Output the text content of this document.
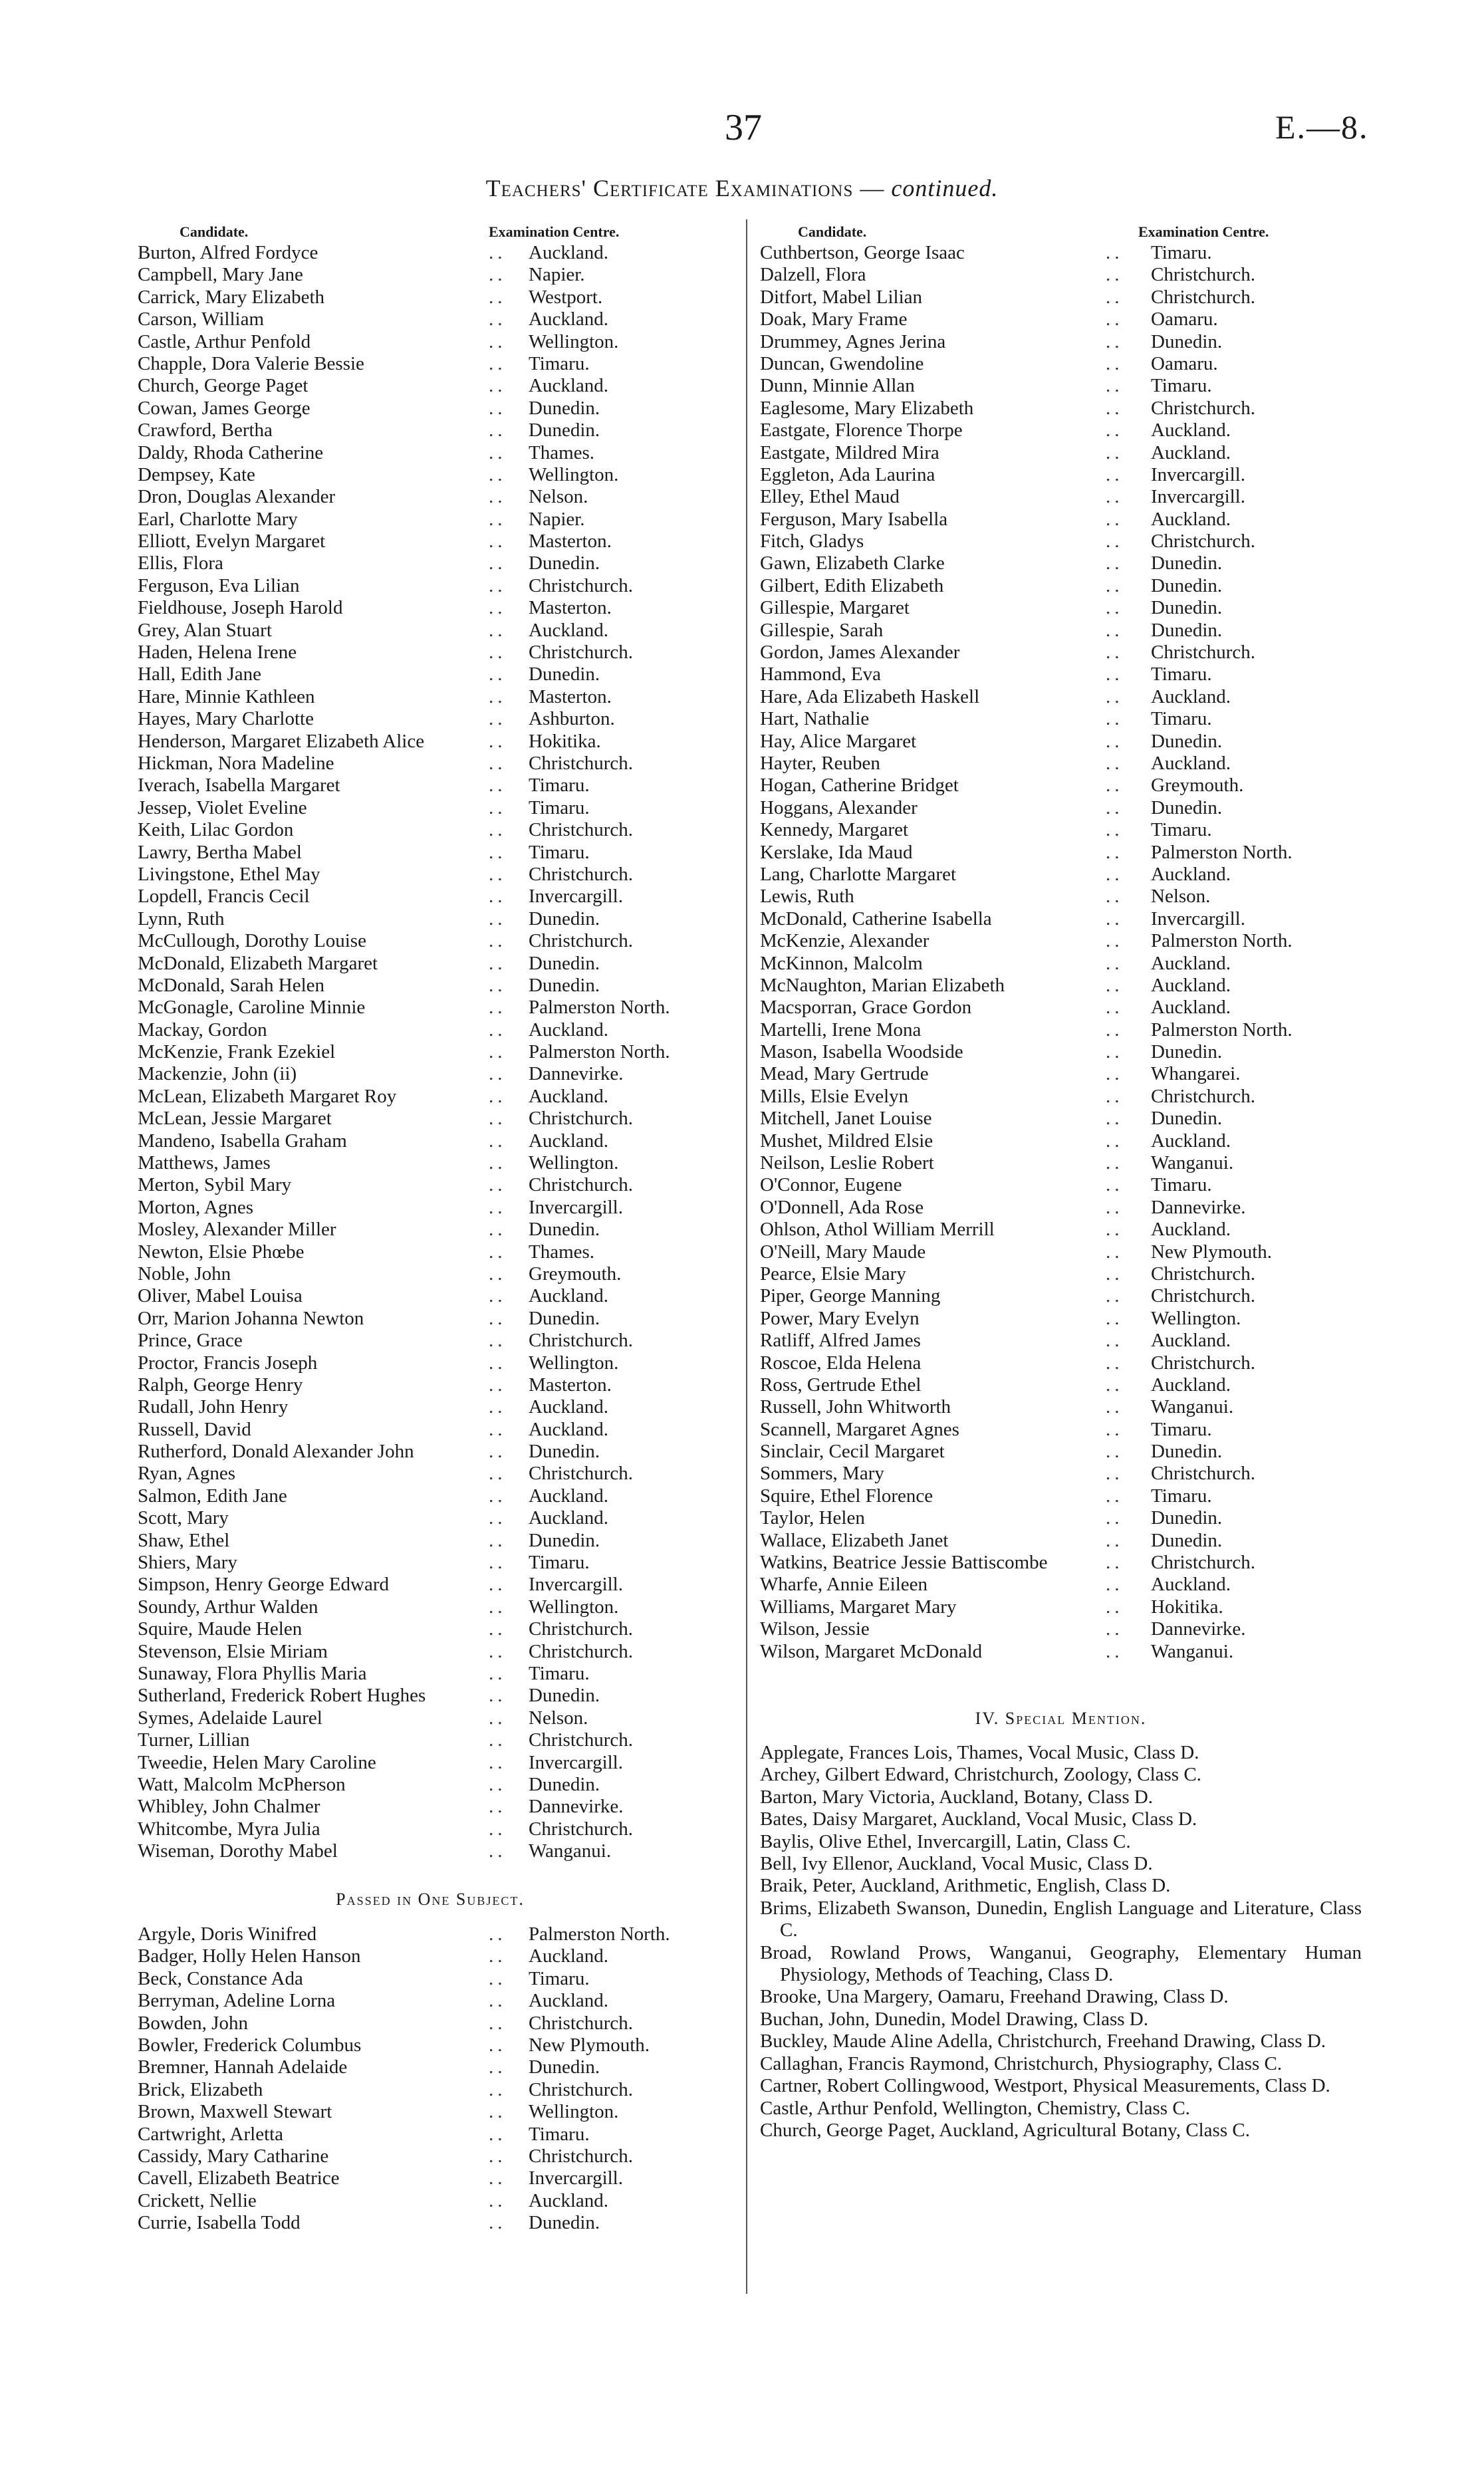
37	E.—8.
Teachers' Certificate Examinations — continued.
Candidate.	Examination Centre.
Burton, Alfred Fordyce	.. Auckland.
Campbell, Mary Jane	.. Napier.
Carrick, Mary Elizabeth	.. Westport.
Carson, William	.. Auckland.
Castle, Arthur Penfold	.. Wellington.
Chapple, Dora Valerie Bessie	.. Timaru.
Church, George Paget	.. Auckland.
Cowan, James George	.. Dunedin.
Crawford, Bertha	.. Dunedin.
Daldy, Rhoda Catherine	.. Thames.
Dempsey, Kate	.. Wellington.
Dron, Douglas Alexander	.. Nelson.
Earl, Charlotte Mary	.. Napier.
Elliott, Evelyn Margaret	.. Masterton.
Ellis, Flora	.. Dunedin.
Ferguson, Eva Lilian	.. Christchurch.
Fieldhouse, Joseph Harold	.. Masterton.
Grey, Alan Stuart	.. Auckland.
Haden, Helena Irene	.. Christchurch.
Hall, Edith Jane	.. Dunedin.
Hare, Minnie Kathleen	.. Masterton.
Hayes, Mary Charlotte	.. Ashburton.
Henderson, Margaret Elizabeth Alice	.. Hokitika.
Hickman, Nora Madeline	.. Christchurch.
Iverach, Isabella Margaret	.. Timaru.
Jessep, Violet Eveline	.. Timaru.
Keith, Lilac Gordon	.. Christchurch.
Lawry, Bertha Mabel	.. Timaru.
Livingstone, Ethel May	.. Christchurch.
Lopdell, Francis Cecil	.. Invercargill.
Lynn, Ruth	.. Dunedin.
McCullough, Dorothy Louise	.. Christchurch.
McDonald, Elizabeth Margaret	.. Dunedin.
McDonald, Sarah Helen	.. Dunedin.
McGonagle, Caroline Minnie	.. Palmerston North.
Mackay, Gordon	.. Auckland.
McKenzie, Frank Ezekiel	.. Palmerston North.
Mackenzie, John (ii)	.. Dannevirke.
McLean, Elizabeth Margaret Roy	.. Auckland.
McLean, Jessie Margaret	.. Christchurch.
Mandeno, Isabella Graham	.. Auckland.
Matthews, James	.. Wellington.
Merton, Sybil Mary	.. Christchurch.
Morton, Agnes	.. Invercargill.
Mosley, Alexander Miller	.. Dunedin.
Newton, Elsie Phœbe	.. Thames.
Noble, John	.. Greymouth.
Oliver, Mabel Louisa	.. Auckland.
Orr, Marion Johanna Newton	.. Dunedin.
Prince, Grace	.. Christchurch.
Proctor, Francis Joseph	.. Wellington.
Ralph, George Henry	.. Masterton.
Rudall, John Henry	.. Auckland.
Russell, David	.. Auckland.
Rutherford, Donald Alexander John	.. Dunedin.
Ryan, Agnes	.. Christchurch.
Salmon, Edith Jane	.. Auckland.
Scott, Mary	.. Auckland.
Shaw, Ethel	.. Dunedin.
Shiers, Mary	.. Timaru.
Simpson, Henry George Edward	.. Invercargill.
Soundy, Arthur Walden	.. Wellington.
Squire, Maude Helen	.. Christchurch.
Stevenson, Elsie Miriam	.. Christchurch.
Sunaway, Flora Phyllis Maria	.. Timaru.
Sutherland, Frederick Robert Hughes	.. Dunedin.
Symes, Adelaide Laurel	.. Nelson.
Turner, Lillian	.. Christchurch.
Tweedie, Helen Mary Caroline	.. Invercargill.
Watt, Malcolm McPherson	.. Dunedin.
Whibley, John Chalmer	.. Dannevirke.
Whitcombe, Myra Julia	.. Christchurch.
Wiseman, Dorothy Mabel	.. Wanganui.
Passed in One Subject.
Argyle, Doris Winifred	.. Palmerston North.
Badger, Holly Helen Hanson	.. Auckland.
Beck, Constance Ada	.. Timaru.
Berryman, Adeline Lorna	.. Auckland.
Bowden, John	.. Christchurch.
Bowler, Frederick Columbus	.. New Plymouth.
Bremner, Hannah Adelaide	.. Dunedin.
Brick, Elizabeth	.. Christchurch.
Brown, Maxwell Stewart	.. Wellington.
Cartwright, Arletta	.. Timaru.
Cassidy, Mary Catharine	.. Christchurch.
Cavell, Elizabeth Beatrice	.. Invercargill.
Crickett, Nellie	.. Auckland.
Currie, Isabella Todd	.. Dunedin.
Candidate.	Examination Centre.
Cuthbertson, George Isaac	.. Timaru.
Dalzell, Flora	.. Christchurch.
Ditfort, Mabel Lilian	.. Christchurch.
Doak, Mary Frame	.. Oamaru.
Drummey, Agnes Jerina	.. Dunedin.
Duncan, Gwendoline	.. Oamaru.
Dunn, Minnie Allan	.. Timaru.
Eaglesome, Mary Elizabeth	.. Christchurch.
Eastgate, Florence Thorpe	.. Auckland.
Eastgate, Mildred Mira	.. Auckland.
Eggleton, Ada Laurina	.. Invercargill.
Elley, Ethel Maud	.. Invercargill.
Ferguson, Mary Isabella	.. Auckland.
Fitch, Gladys	.. Christchurch.
Gawn, Elizabeth Clarke	.. Dunedin.
Gilbert, Edith Elizabeth	.. Dunedin.
Gillespie, Margaret	.. Dunedin.
Gillespie, Sarah	.. Dunedin.
Gordon, James Alexander	.. Christchurch.
Hammond, Eva	.. Timaru.
Hare, Ada Elizabeth Haskell	.. Auckland.
Hart, Nathalie	.. Timaru.
Hay, Alice Margaret	.. Dunedin.
Hayter, Reuben	.. Auckland.
Hogan, Catherine Bridget	.. Greymouth.
Hoggans, Alexander	.. Dunedin.
Kennedy, Margaret	.. Timaru.
Kerslake, Ida Maud	.. Palmerston North.
Lang, Charlotte Margaret	.. Auckland.
Lewis, Ruth	.. Nelson.
McDonald, Catherine Isabella	.. Invercargill.
McKenzie, Alexander	.. Palmerston North.
McKinnon, Malcolm	.. Auckland.
McNaughton, Marian Elizabeth	.. Auckland.
Macsporran, Grace Gordon	.. Auckland.
Martelli, Irene Mona	.. Palmerston North.
Mason, Isabella Woodside	.. Dunedin.
Mead, Mary Gertrude	.. Whangarei.
Mills, Elsie Evelyn	.. Christchurch.
Mitchell, Janet Louise	.. Dunedin.
Mushet, Mildred Elsie	.. Auckland.
Neilson, Leslie Robert	.. Wanganui.
O'Connor, Eugene	.. Timaru.
O'Donnell, Ada Rose	.. Dannevirke.
Ohlson, Athol William Merrill	.. Auckland.
O'Neill, Mary Maude	.. New Plymouth.
Pearce, Elsie Mary	.. Christchurch.
Piper, George Manning	.. Christchurch.
Power, Mary Evelyn	.. Wellington.
Ratliff, Alfred James	.. Auckland.
Roscoe, Elda Helena	.. Christchurch.
Ross, Gertrude Ethel	.. Auckland.
Russell, John Whitworth	.. Wanganui.
Scannell, Margaret Agnes	.. Timaru.
Sinclair, Cecil Margaret	.. Dunedin.
Sommers, Mary	.. Christchurch.
Squire, Ethel Florence	.. Timaru.
Taylor, Helen	.. Dunedin.
Wallace, Elizabeth Janet	.. Dunedin.
Watkins, Beatrice Jessie Battiscombe	.. Christchurch.
Wharfe, Annie Eileen	.. Auckland.
Williams, Margaret Mary	.. Hokitika.
Wilson, Jessie	.. Dannevirke.
Wilson, Margaret McDonald	.. Wanganui.
IV. Special Mention.

Applegate, Frances Lois, Thames, Vocal Music, Class D.

Archey, Gilbert Edward, Christchurch, Zoology, Class C.

Barton, Mary Victoria, Auckland, Botany, Class D.

Bates, Daisy Margaret, Auckland, Vocal Music, Class D.

Baylis, Olive Ethel, Invercargill, Latin, Class C.

Bell, Ivy Ellenor, Auckland, Vocal Music, Class D.

Braik, Peter, Auckland, Arithmetic, English, Class D.

Brims, Elizabeth Swanson, Dunedin, English Language and Literature, Class C.

Broad, Rowland Prows, Wanganui, Geography, Elementary Human Physiology, Methods of Teaching, Class D.

Brooke, Una Margery, Oamaru, Freehand Drawing, Class D.

Buchan, John, Dunedin, Model Drawing, Class D.

Buckley, Maude Aline Adella, Christchurch, Freehand Drawing, Class D.

Callaghan, Francis Raymond, Christchurch, Physiography, Class C.

Cartner, Robert Collingwood, Westport, Physical Measurements, Class D.

Castle, Arthur Penfold, Wellington, Chemistry, Class C.

Church, George Paget, Auckland, Agricultural Botany, Class C.
